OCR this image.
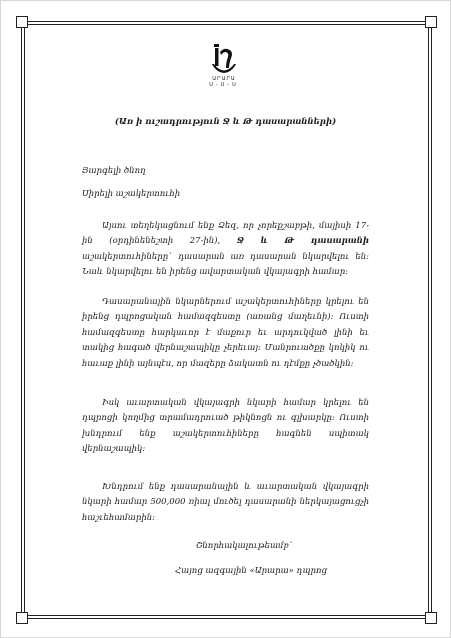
ԱՐԱՐԱ
Ս-Ս-Ս
(Առ ի ուշադրություն Ջ և Թ դասարանների)
Յարգելի ծնող
Սիրելի աշակերտուհի

Այսու տեղեկացնում ենք Ձեզ, որ չորեքշաբթի, մայիսի 17-ին (օրդինենեշտի 27-ին), Ջ և Թ դասարանի աշակերտուհիները` դասարան առ դասարան նկարվելու են: Նաև նկարվելու են իրենց ավարտական վկայագրի համար:

Դասարանային նկարներում աշակերտուհիները կրելու են իրենց դպրոցական համազգեստը (առանց մաղեւնի): Ուստի համազգեստը հարկաւոր է մաքուր եւ արդուկված լինի եւ տակից հագած վերնաշապիկը չերեւայ: Մանրուածքը կոկիկ ու հաւաք լինի այնպէս, որ մազերը ձակատն ու դէմքը չծածկին:

Իսկ աւարտական վկայագրի նկարի համար կրելու են դպրոցի կողմից տրամադրուած թիկնոցն ու գլխարկը: Ուստի խնդրում ենք աշակերտուհիները հագնեն սպիտակ վերնաշապիկ:

Խնդրում ենք դասարանային և աւարտական վկայագրի նկարի համար 500,000 ռիալ մուծել դասարանի ներկայացուցչի հաշւեհամարին:

Շնորհակալութեամբ`
Հայոց ազգային «Արարա» դպրոց
